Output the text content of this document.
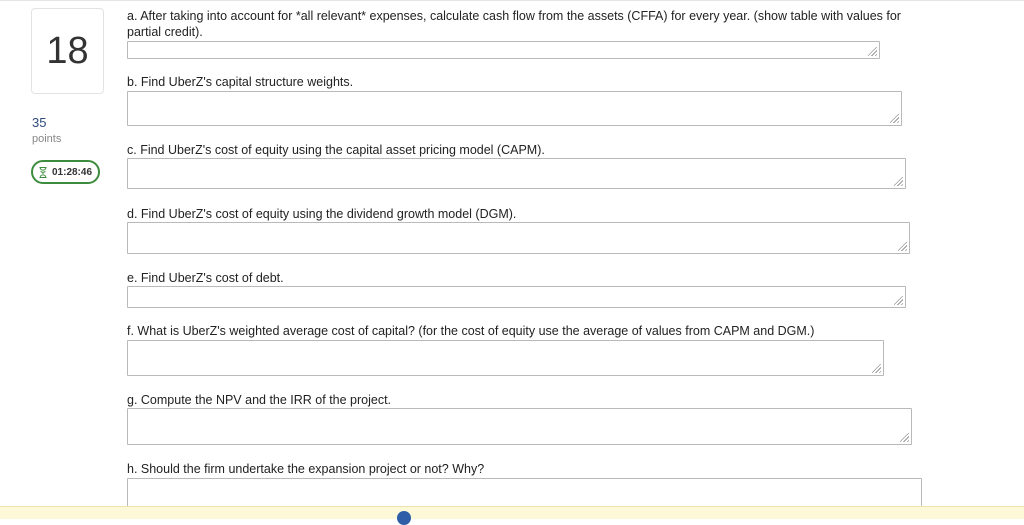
18
35
points
01:28:46
a. After taking into account for *all relevant* expenses, calculate cash flow from the assets (CFFA) for every year. (show table with values for partial credit).
b. Find UberZ's capital structure weights.
c. Find UberZ's cost of equity using the capital asset pricing model (CAPM).
d. Find UberZ's cost of equity using the dividend growth model (DGM).
e. Find UberZ's cost of debt.
f. What is UberZ's weighted average cost of capital? (for the cost of equity use the average of values from CAPM and DGM.)
g. Compute the NPV and the IRR of the project.
h. Should the firm undertake the expansion project or not? Why?
